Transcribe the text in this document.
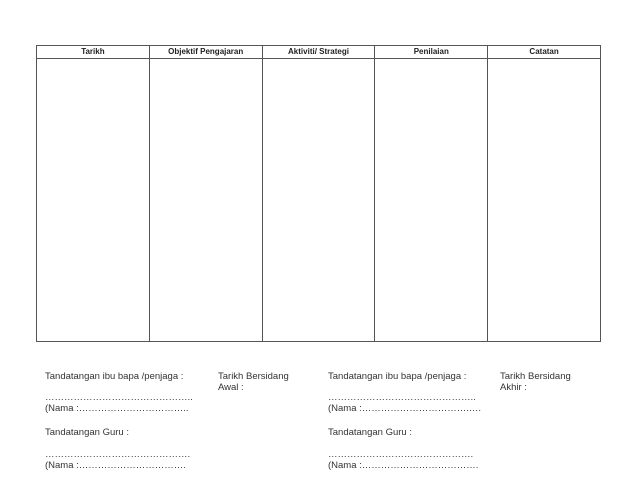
Tarikh	Objektif Pengajaran	Aktiviti/ Strategi	Penilaian	Catatan

Tandatangan ibu bapa /penjaga :
………………………………………..
(Nama :……………………………..
Tandatangan Guru :
……………………………………….
(Nama :…………………………….
Tarikh Bersidang Awal :
Tandatangan ibu bapa /penjaga :
………………………………………..
(Nama :…………………………….….
Tandatangan Guru :
……………………………………….
(Nama :……………………………….
Tarikh Bersidang Akhir :
